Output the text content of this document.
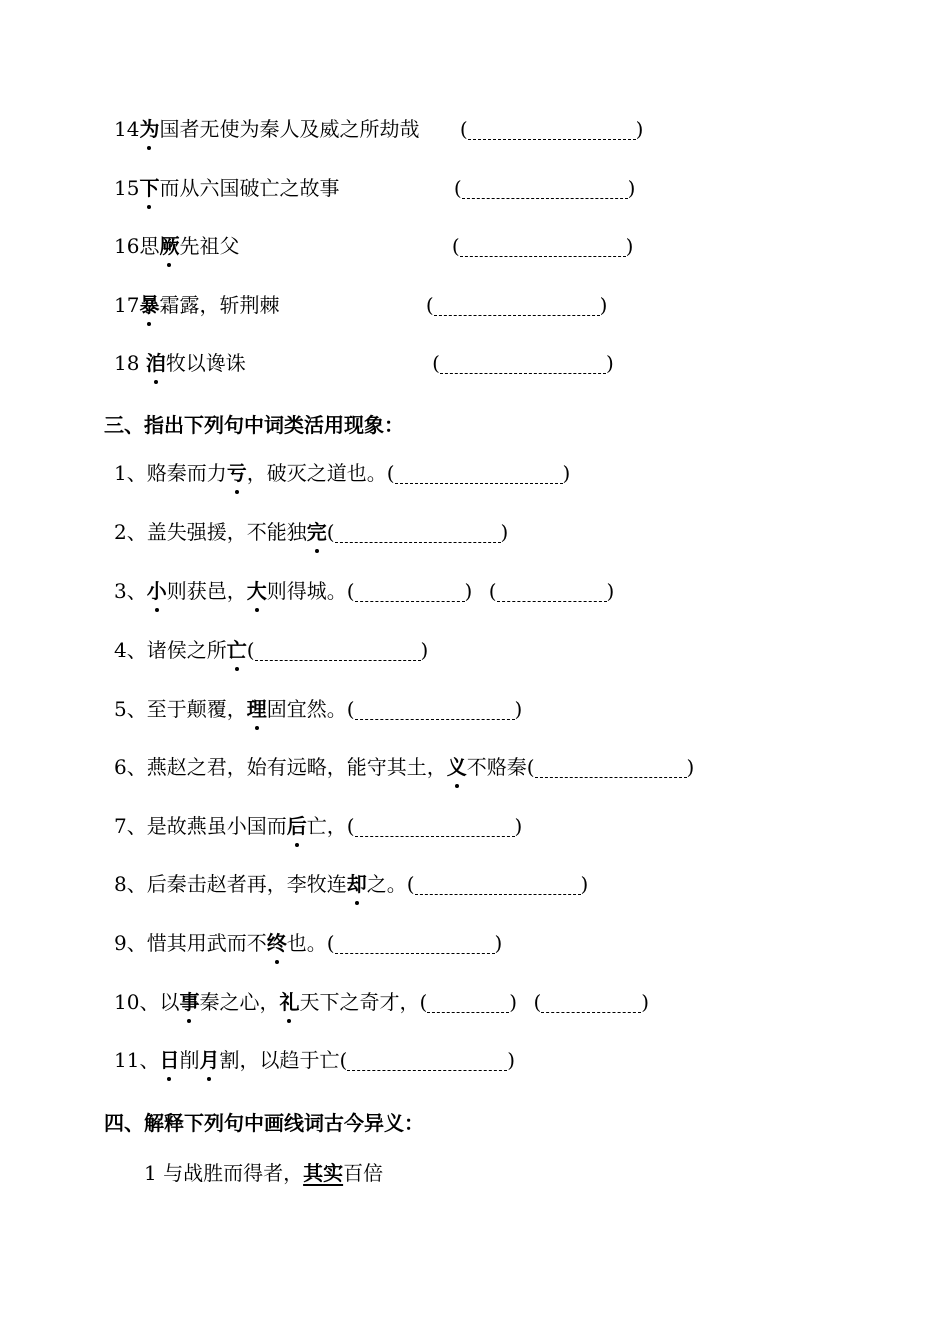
14为国者无使为秦人及威之所劫哉 (	)
15下而从六国破亡之故事	(	)
16思厥先祖父	(	)
17暴霜露，斩荆棘	(	)
18 洎牧以谗诛	(	)
三、指出下列句中词类活用现象：
1、赂秦而力亏，破灭之道也。(	)
2、盖失强援，不能独完(	)
3、小则获邑，大则得城。(	) (	)
4、诸侯之所亡(	)
5、至于颠覆，理固宜然。(	)
6、燕赵之君，始有远略，能守其土，义不赂秦(	)
7、是故燕虽小国而后亡，(	)
8、后秦击赵者再，李牧连却之。(	)
9、惜其用武而不终也。(	)
10、以事秦之心，礼天下之奇才，(	) (	)
11、日削月割，以趋于亡(	)
四、解释下列句中画线词古今异义：
1 与战胜而得者，其实百倍
